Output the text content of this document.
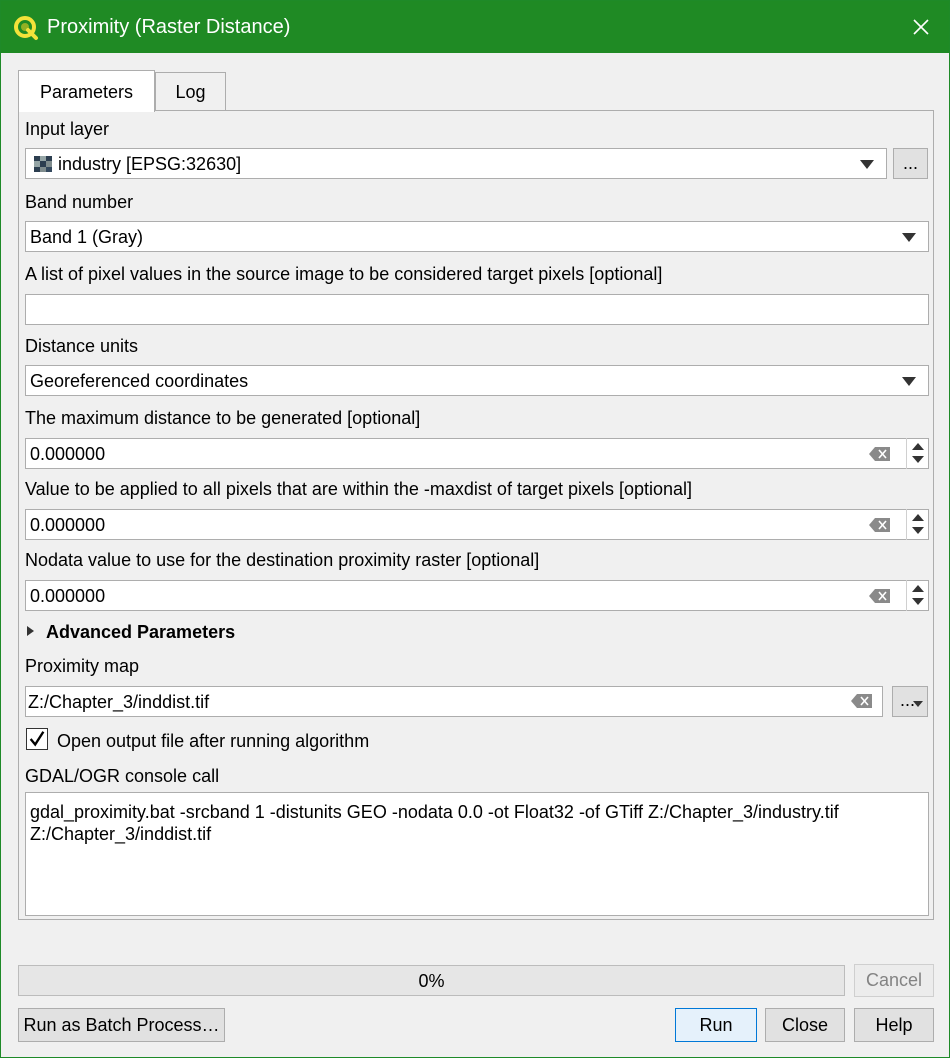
Proximity (Raster Distance)
Parameters	Log
Input layer
industry [EPSG:32630]	...
Band number
Band 1 (Gray)
A list of pixel values in the source image to be considered target pixels [optional]
Distance units
Georeferenced coordinates
The maximum distance to be generated [optional]
0.000000
Value to be applied to all pixels that are within the -maxdist of target pixels [optional]
0.000000
Nodata value to use for the destination proximity raster [optional]
0.000000
Advanced Parameters
Proximity map
Z:/Chapter_3/inddist.tif	...
Open output file after running algorithm
GDAL/OGR console call
gdal_proximity.bat -srcband 1 -distunits GEO -nodata 0.0 -ot Float32 -of GTiff Z:/Chapter_3/industry.tif Z:/Chapter_3/inddist.tif
0%	Cancel
Run as Batch Process…	Run	Close	Help
